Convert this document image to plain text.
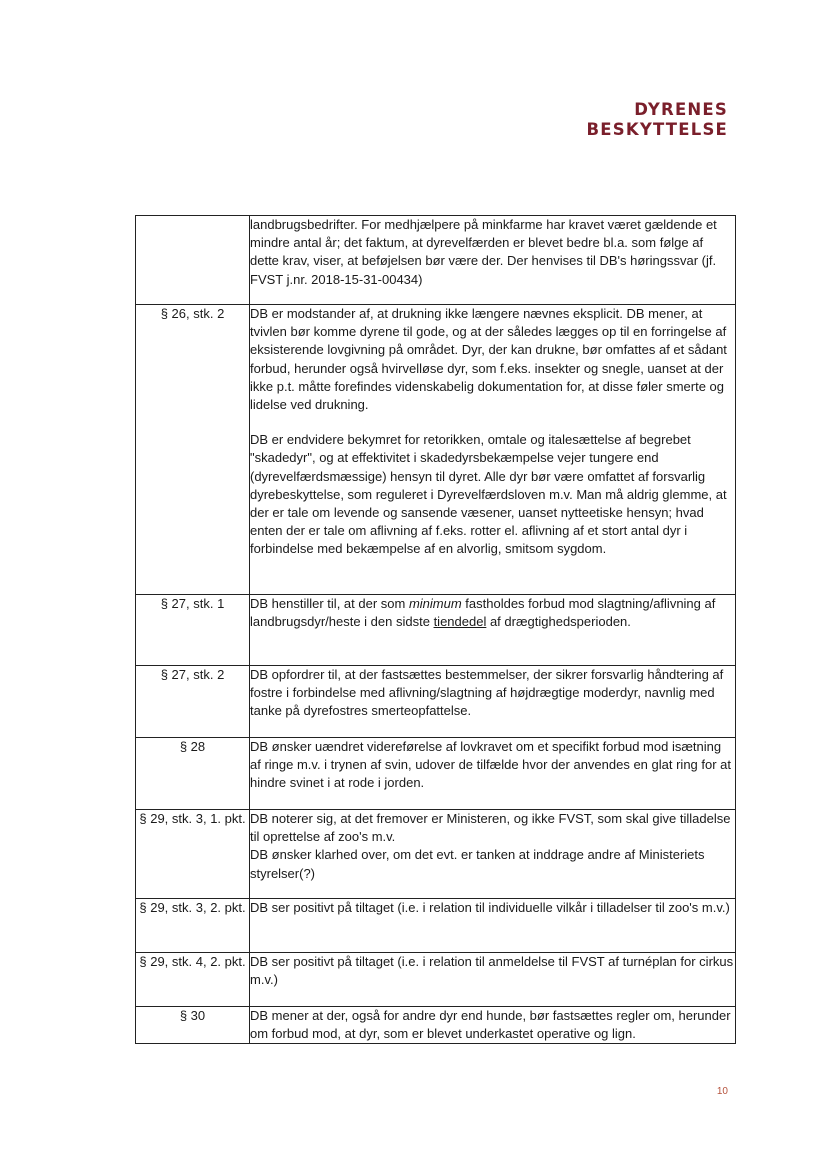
DYRENES
BESKYTTELSE

	landbrugsbedrifter. For medhjælpere på minkfarme har kravet været gældende et mindre antal år; det faktum, at dyrevelfærden er blevet bedre bl.a. som følge af dette krav, viser, at beføjelsen bør være der. Der henvises til DB's høringssvar (jf. FVST j.nr. 2018-15-31-00434)

§ 26, stk. 2	DB er modstander af, at drukning ikke længere nævnes eksplicit. DB mener, at tvivlen bør komme dyrene til gode, og at der således lægges op til en forringelse af eksisterende lovgivning på området. Dyr, der kan drukne, bør omfattes af et sådant forbud, herunder også hvirvelløse dyr, som f.eks. insekter og snegle, uanset at der ikke p.t. måtte forefindes videnskabelig dokumentation for, at disse føler smerte og lidelse ved drukning.

DB er endvidere bekymret for retorikken, omtale og italesættelse af begrebet "skadedyr", og at effektivitet i skadedyrsbekæmpelse vejer tungere end (dyrevelfærdsmæssige) hensyn til dyret. Alle dyr bør være omfattet af forsvarlig dyrebeskyttelse, som reguleret i Dyrevelfærdsloven m.v. Man må aldrig glemme, at der er tale om levende og sansende væsener, uanset nytteetiske hensyn; hvad enten der er tale om aflivning af f.eks. rotter el. aflivning af et stort antal dyr i forbindelse med bekæmpelse af en alvorlig, smitsom sygdom.

§ 27, stk. 1	DB henstiller til, at der som minimum fastholdes forbud mod slagtning/aflivning af landbrugsdyr/heste i den sidste tiendedel af drægtighedsperioden.

§ 27, stk. 2	DB opfordrer til, at der fastsættes bestemmelser, der sikrer forsvarlig håndtering af fostre i forbindelse med aflivning/slagtning af højdrægtige moderdyr, navnlig med tanke på dyrefostres smerteopfattelse.

§ 28	DB ønsker uændret videreførelse af lovkravet om et specifikt forbud mod isætning af ringe m.v. i trynen af svin, udover de tilfælde hvor der anvendes en glat ring for at hindre svinet i at rode i jorden.

§ 29, stk. 3, 1. pkt.	DB noterer sig, at det fremover er Ministeren, og ikke FVST, som skal give tilladelse til oprettelse af zoo's m.v.
DB ønsker klarhed over, om det evt. er tanken at inddrage andre af Ministeriets styrelser(?)

§ 29, stk. 3, 2. pkt.	DB ser positivt på tiltaget (i.e. i relation til individuelle vilkår i tilladelser til zoo's m.v.)

§ 29, stk. 4, 2. pkt.	DB ser positivt på tiltaget (i.e. i relation til anmeldelse til FVST af turnéplan for cirkus m.v.)

§ 30	DB mener at der, også for andre dyr end hunde, bør fastsættes regler om, herunder om forbud mod, at dyr, som er blevet underkastet operative og lign.

10
